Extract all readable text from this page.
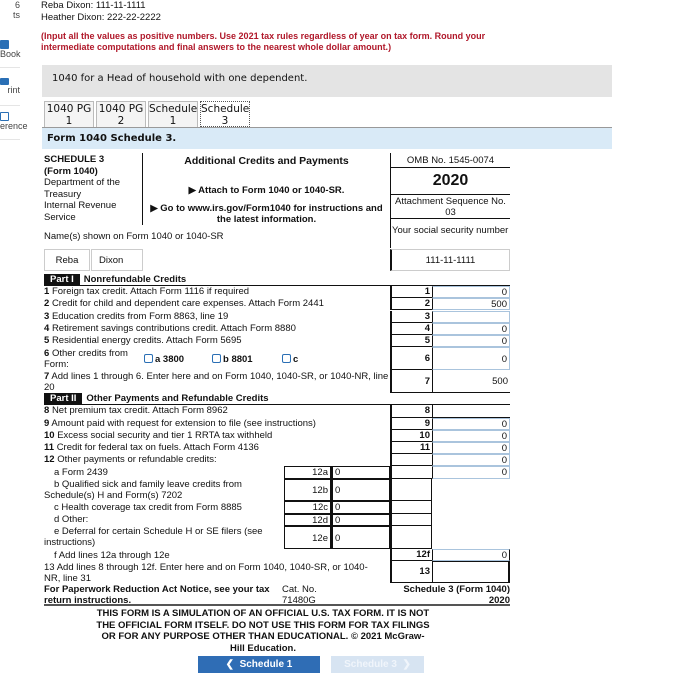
6
ts
Book
rint
erence
Reba Dixon: 111-11-1111
Heather Dixon: 222-22-2222
(Input all the values as positive numbers. Use 2021 tax rules regardless of year on tax form. Round your intermediate computations and final answers to the nearest whole dollar amount.)
1040 for a Head of household with one dependent.
1040 PG
1
1040 PG
2
Schedule
1
Schedule
3
Form 1040 Schedule 3.
SCHEDULE 3
(Form 1040)
Department of the Treasury
Internal Revenue Service
Additional Credits and Payments
▶ Attach to Form 1040 or 1040-SR.
▶ Go to www.irs.gov/Form1040 for instructions and the latest information.
OMB No. 1545-0074
2020
Attachment Sequence No. 03
Name(s) shown on Form 1040 or 1040-SR
Your social security number
Reba	Dixon	111-11-1111
Part I Nonrefundable Credits
1 Foreign tax credit. Attach Form 1116 if required	1	0
2 Credit for child and dependent care expenses. Attach Form 2441	2	500
3 Education credits from Form 8863, line 19	3
4 Retirement savings contributions credit. Attach Form 8880	4	0
5 Residential energy credits. Attach Form 5695	5	0
6 Other credits from Form:	a 3800	b 8801	c	6	0
7 Add lines 1 through 6. Enter here and on Form 1040, 1040-SR, or 1040-NR, line 20
7	500
Part II Other Payments and Refundable Credits
8 Net premium tax credit. Attach Form 8962	8
9 Amount paid with request for extension to file (see instructions)	9	0
10 Excess social security and tier 1 RRTA tax withheld	10	0
11 Credit for federal tax on fuels. Attach Form 4136	11	0
12 Other payments or refundable credits:	0
a Form 2439	12a 0	0
b Qualified sick and family leave credits from Schedule(s) H and Form(s) 7202	12b 0
c Health coverage tax credit from Form 8885	12c 0
d Other:	12d 0
e Deferral for certain Schedule H or SE filers (see instructions)	12e 0
f Add lines 12a through 12e	12f	0
13 Add lines 8 through 12f. Enter here and on Form 1040, 1040-SR, or 1040-NR, line 31
13
For Paperwork Reduction Act Notice, see your tax return instructions.
Cat. No. 71480G
Schedule 3 (Form 1040) 2020
THIS FORM IS A SIMULATION OF AN OFFICIAL U.S. TAX FORM. IT IS NOT THE OFFICIAL FORM ITSELF. DO NOT USE THIS FORM FOR TAX FILINGS OR FOR ANY PURPOSE OTHER THAN EDUCATIONAL. © 2021 McGraw-Hill Education.
❮  Schedule 1	Schedule 3  ❯
